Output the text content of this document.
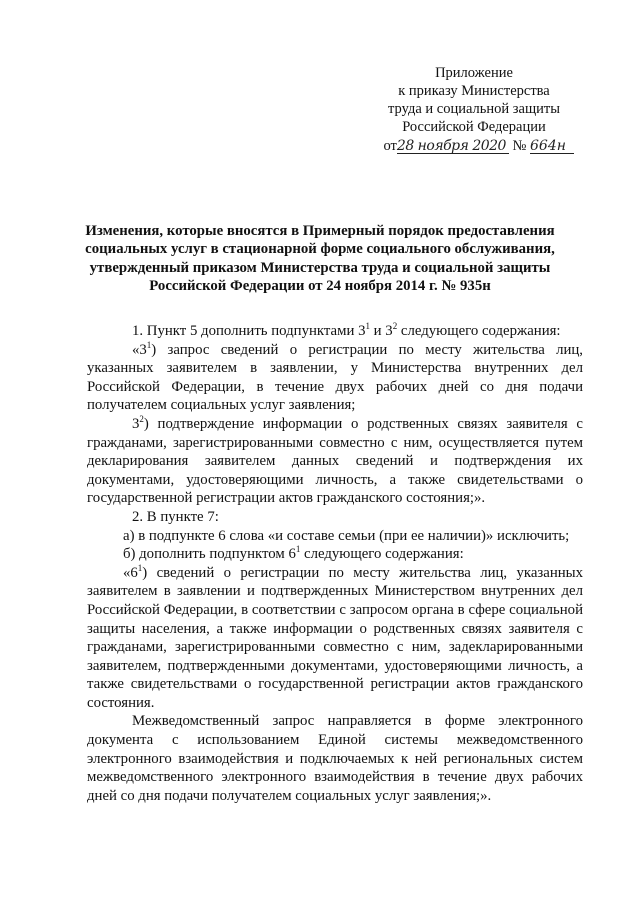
Приложение
к приказу Министерства
труда и социальной защиты
Российской Федерации
от28 ноября 2020 № 664н
Изменения, которые вносятся в Примерный порядок предоставления
социальных услуг в стационарной форме социального обслуживания,
утвержденный приказом Министерства труда и социальной защиты
Российской Федерации от 24 ноября 2014 г. № 935н

1. Пункт 5 дополнить подпунктами $3^1$ и $3^2$ следующего содержания:

«$3^1$) запрос сведений о регистрации по месту жительства лиц, указанных заявителем в заявлении, у Министерства внутренних дел Российской Федерации, в течение двух рабочих дней со дня подачи получателем социальных услуг заявления;

$3^2$) подтверждение информации о родственных связях заявителя с гражданами, зарегистрированными совместно с ним, осуществляется путем декларирования заявителем данных сведений и подтверждения их документами, удостоверяющими личность, а также свидетельствами о государственной регистрации актов гражданского состояния;».

2. В пункте 7:

а) в подпункте 6 слова «и составе семьи (при ее наличии)» исключить;

б) дополнить подпунктом $6^1$ следующего содержания:

«$6^1$) сведений о регистрации по месту жительства лиц, указанных заявителем в заявлении и подтвержденных Министерством внутренних дел Российской Федерации, в соответствии с запросом органа в сфере социальной защиты населения, а также информации о родственных связях заявителя с гражданами, зарегистрированными совместно с ним, задекларированными заявителем, подтвержденными документами, удостоверяющими личность, а также свидетельствами о государственной регистрации актов гражданского состояния.

Межведомственный запрос направляется в форме электронного документа с использованием Единой системы межведомственного электронного взаимодействия и подключаемых к ней региональных систем межведомственного электронного взаимодействия в течение двух рабочих дней со дня подачи получателем социальных услуг заявления;».
